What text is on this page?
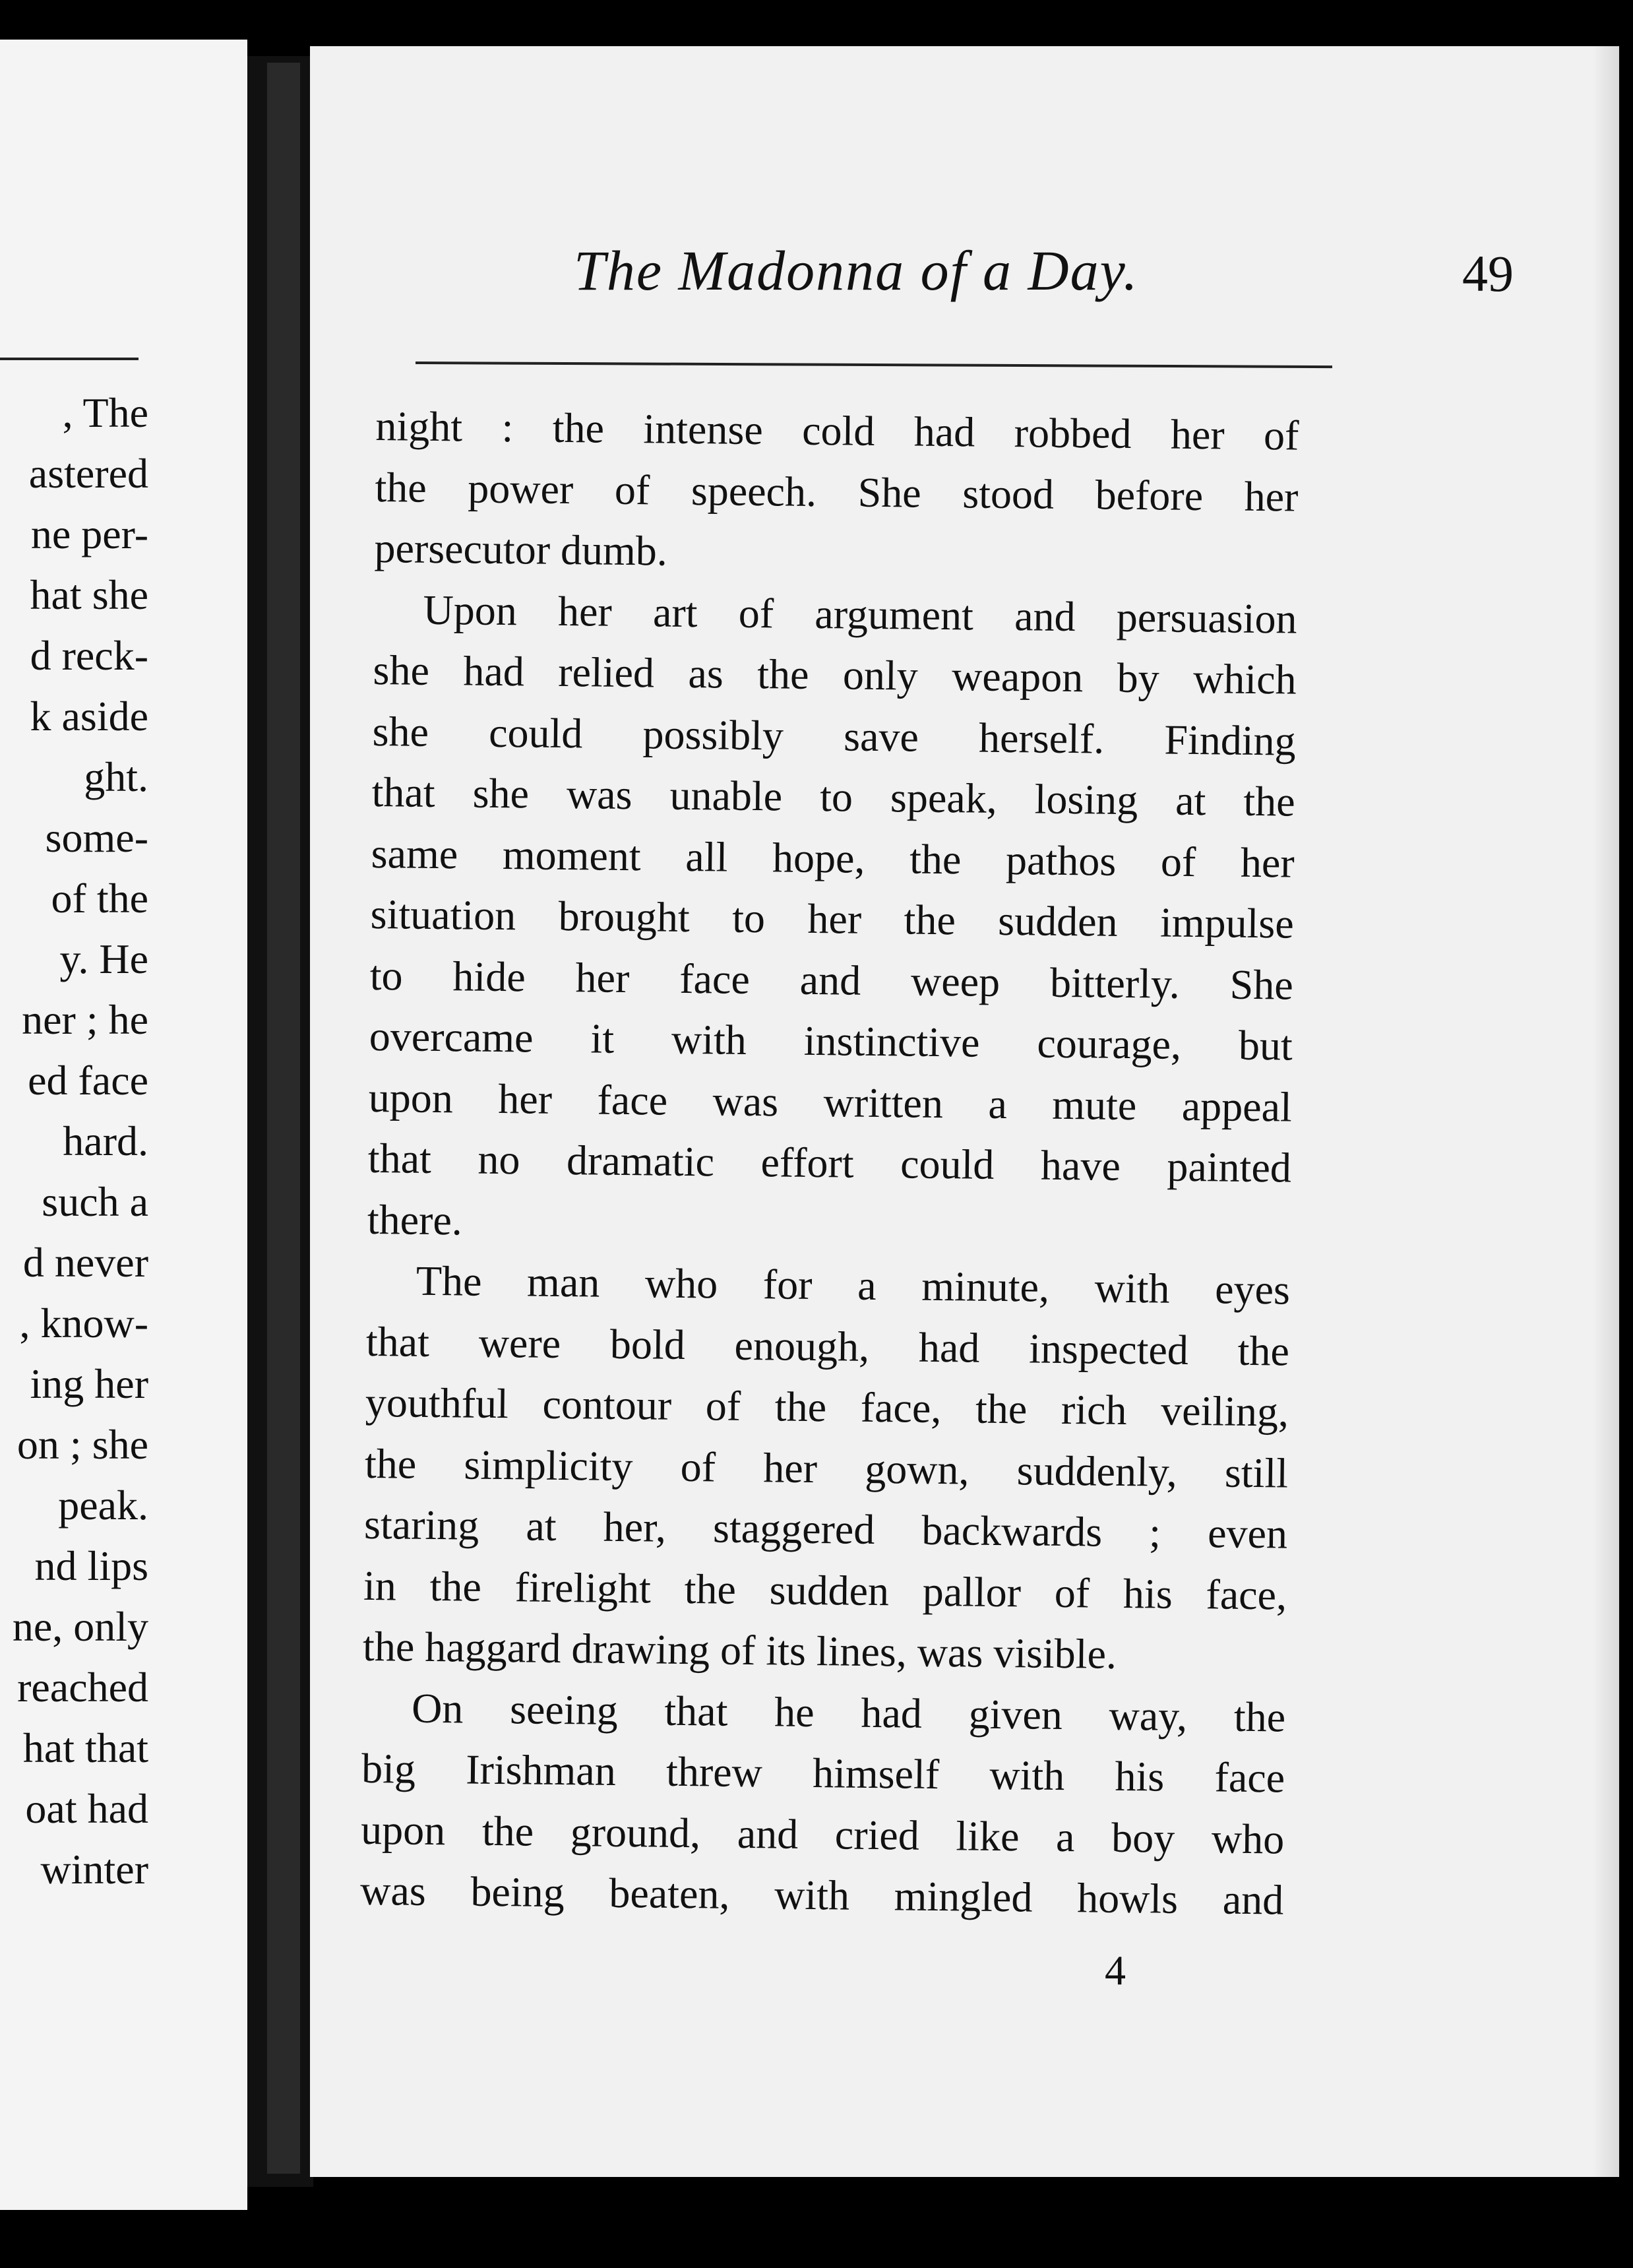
, The
astered
ne per-
hat she
d reck-
k aside
ght.
some-
of the
y. He
ner ; he
ed face
hard.
such a
d never
, know-
ing her
on ; she
peak.
nd lips
ne, only
reached
hat that
oat had
winter
The Madonna of a Day.	49
night : the intense cold had robbed her of
the power of speech. She stood before her
persecutor dumb.
Upon her art of argument and persuasion
she had relied as the only weapon by which
she could possibly save herself. Finding
that she was unable to speak, losing at the
same moment all hope, the pathos of her
situation brought to her the sudden impulse
to hide her face and weep bitterly. She
overcame it with instinctive courage, but
upon her face was written a mute appeal
that no dramatic effort could have painted
there.
The man who for a minute, with eyes
that were bold enough, had inspected the
youthful contour of the face, the rich veiling,
the simplicity of her gown, suddenly, still
staring at her, staggered backwards ; even
in the firelight the sudden pallor of his face,
the haggard drawing of its lines, was visible.
On seeing that he had given way, the
big Irishman threw himself with his face
upon the ground, and cried like a boy who
was being beaten, with mingled howls and
4
